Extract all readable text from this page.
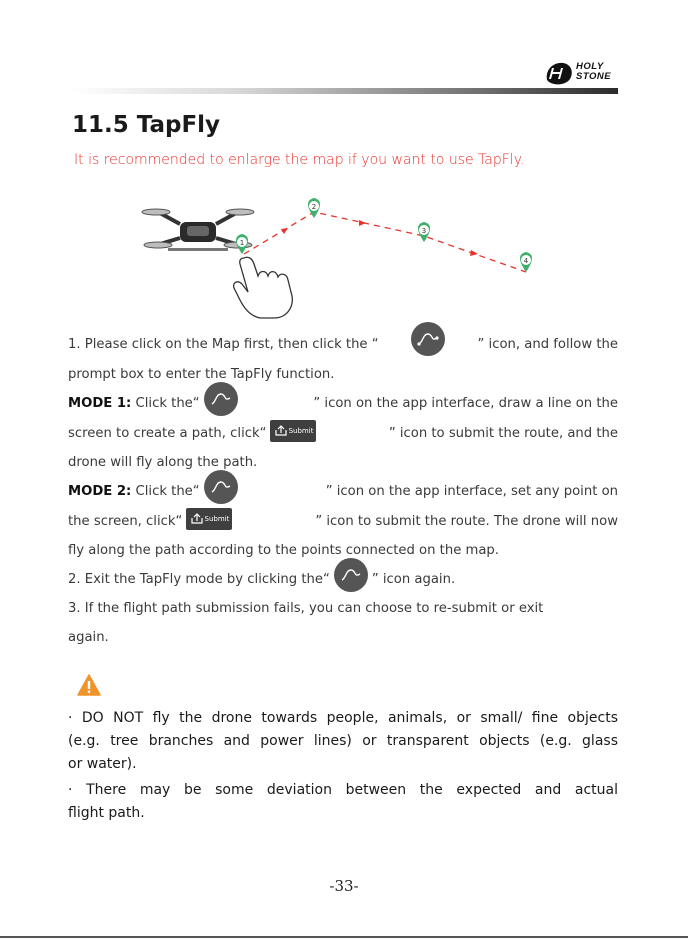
HOLY
STONE
11.5 TapFly
It is recommended to enlarge the map if you want to use TapFly.
1
2
3
4
1. Please click on the Map first, then click the “	” icon, and follow the
prompt box to enter the TapFly function.
MODE 1: Click the“	” icon on the app interface, draw a line on the
screen to create a path, click“	Submit	” icon to submit the route, and the
drone will fly along the path.
MODE 2: Click the“	” icon on the app interface, set any point on
the screen, click“	Submit	” icon to submit the route. The drone will now
fly along the path according to the points connected on the map.
2. Exit the TapFly mode by clicking the“	” icon again.
3. If the flight path submission fails, you can choose to re-submit or exit
again.
· DO NOT fly the drone towards people, animals, or small/ fine objects
(e.g. tree branches and power lines) or transparent objects (e.g. glass
or water).
· There may be some deviation between the expected and actual
flight path.
-33-
